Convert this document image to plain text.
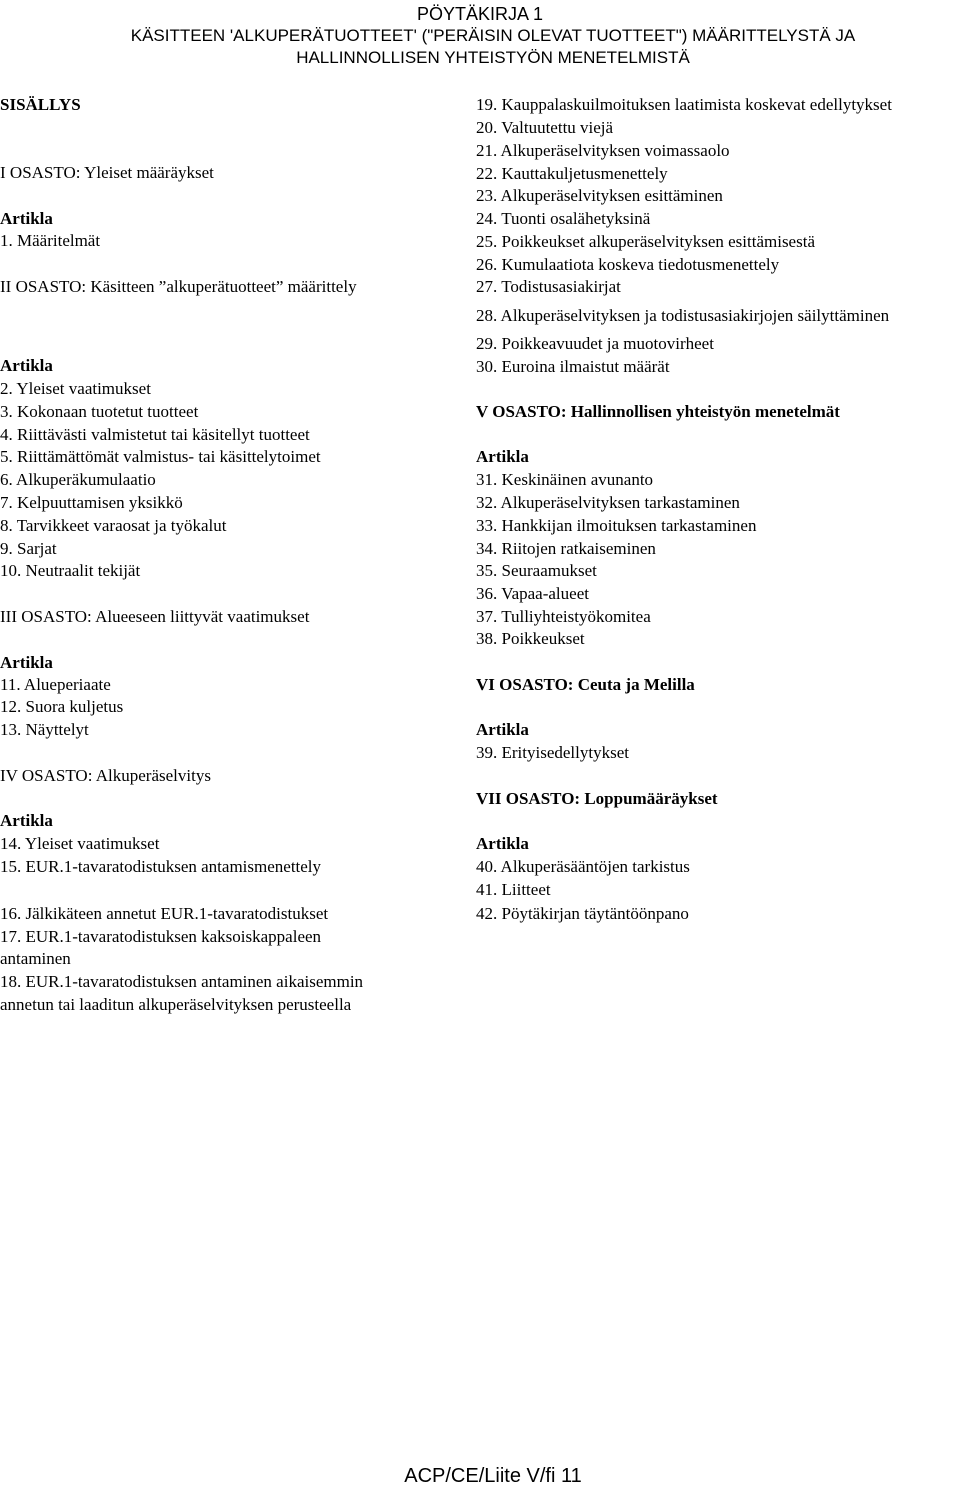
PÖYTÄKIRJA 1
KÄSITTEEN 'ALKUPERÄTUOTTEET' ("PERÄISIN OLEVAT TUOTTEET") MÄÄRITTELYSTÄ JA
HALLINNOLLISEN YHTEISTYÖN MENETELMISTÄ
SISÄLLYS
I OSASTO: Yleiset määräykset
Artikla
1. Määritelmät
II OSASTO: Käsitteen ”alkuperätuotteet” määrittely
Artikla
2. Yleiset vaatimukset
3. Kokonaan tuotetut tuotteet
4. Riittävästi valmistetut tai käsitellyt tuotteet
5. Riittämättömät valmistus- tai käsittelytoimet
6. Alkuperäkumulaatio
7. Kelpuuttamisen yksikkö
8. Tarvikkeet varaosat ja työkalut
9. Sarjat
10. Neutraalit tekijät
III OSASTO: Alueeseen liittyvät vaatimukset
Artikla
11. Alueperiaate
12. Suora kuljetus
13. Näyttelyt
IV OSASTO: Alkuperäselvitys
Artikla
14. Yleiset vaatimukset
15. EUR.1-tavaratodistuksen antamismenettely
16. Jälkikäteen annetut EUR.1-tavaratodistukset
17. EUR.1-tavaratodistuksen kaksoiskappaleen
antaminen
18. EUR.1-tavaratodistuksen antaminen aikaisemmin
annetun tai laaditun alkuperäselvityksen perusteella
19. Kauppalaskuilmoituksen laatimista koskevat edellytykset
20. Valtuutettu viejä
21. Alkuperäselvityksen voimassaolo
22. Kauttakuljetusmenettely
23. Alkuperäselvityksen esittäminen
24. Tuonti osalähetyksinä
25. Poikkeukset alkuperäselvityksen esittämisestä
26. Kumulaatiota koskeva tiedotusmenettely
27. Todistusasiakirjat
28. Alkuperäselvityksen ja todistusasiakirjojen säilyttäminen
29. Poikkeavuudet ja muotovirheet
30. Euroina ilmaistut määrät
V OSASTO: Hallinnollisen yhteistyön menetelmät
Artikla
31. Keskinäinen avunanto
32. Alkuperäselvityksen tarkastaminen
33. Hankkijan ilmoituksen tarkastaminen
34. Riitojen ratkaiseminen
35. Seuraamukset
36. Vapaa-alueet
37. Tulliyhteistyökomitea
38. Poikkeukset
VI OSASTO: Ceuta ja Melilla
Artikla
39. Erityisedellytykset
VII OSASTO: Loppumääräykset
Artikla
40. Alkuperäsääntöjen tarkistus
41. Liitteet
42. Pöytäkirjan täytäntöönpano
ACP/CE/Liite V/fi 11
